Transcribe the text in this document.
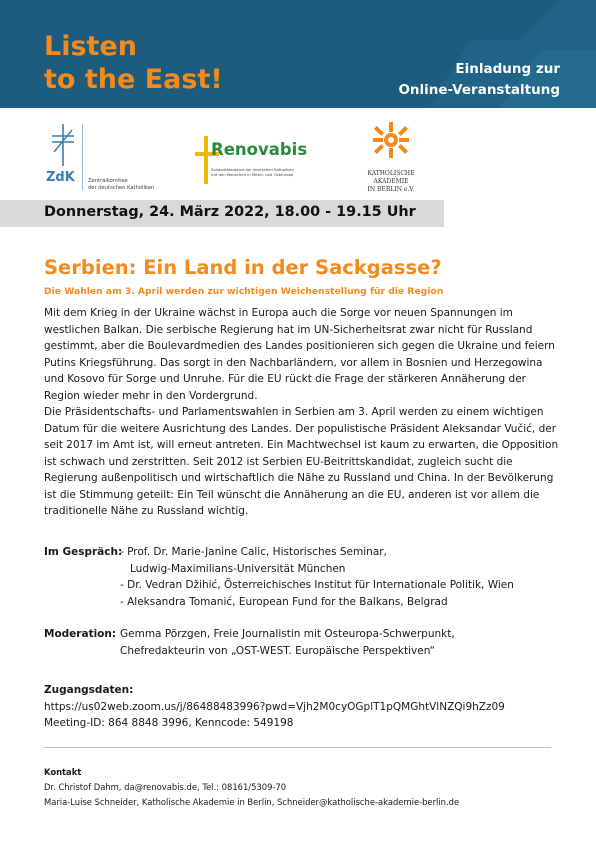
Listen
to the East!	Einladung zur
Online-Veranstaltung
ZdK	Zentralkomitee
der deutschen Katholiken
Renovabis
Solidaritätsaktion der deutschen Katholiken
mit den Menschen in Mittel- und Osteuropa	KATHOLISCHE AKADEMIE
IN BERLIN e.V.
Donnerstag, 24. März 2022, 18.00 - 19.15 Uhr
Serbien: Ein Land in der Sackgasse?
Die Wahlen am 3. April werden zur wichtigen Weichenstellung für die Region
Mit dem Krieg in der Ukraine wächst in Europa auch die Sorge vor neuen Spannungen im westlichen Balkan. Die serbische Regierung hat im UN-Sicherheitsrat zwar nicht für Russland gestimmt, aber die Boulevardmedien des Landes positionieren sich gegen die Ukraine und feiern Putins Kriegsführung. Das sorgt in den Nachbarländern, vor allem in Bosnien und Herzegowina und Kosovo für Sorge und Unruhe. Für die EU rückt die Frage der stärkeren Annäherung der Region wieder mehr in den Vordergrund.
Die Präsidentschafts- und Parlamentswahlen in Serbien am 3. April werden zu einem wichtigen Datum für die weitere Ausrichtung des Landes. Der populistische Präsident Aleksandar Vučić, der seit 2017 im Amt ist, will erneut antreten. Ein Machtwechsel ist kaum zu erwarten, die Opposition ist schwach und zerstritten. Seit 2012 ist Serbien EU-Beitrittskandidat, zugleich sucht die Regierung außenpolitisch und wirtschaftlich die Nähe zu Russland und China. In der Bevölkerung ist die Stimmung geteilt: Ein Teil wünscht die Annäherung an die EU, anderen ist vor allem die traditionelle Nähe zu Russland wichtig.
Im Gespräch:
- Prof. Dr. Marie-Janine Calic, Historisches Seminar,
Ludwig-Maximilians-Universität München
- Dr. Vedran Džihić, Österreichisches Institut für Internationale Politik, Wien
- Aleksandra Tomanić, European Fund for the Balkans, Belgrad
Moderation: Gemma Pörzgen, Freie Journalistin mit Osteuropa-Schwerpunkt,
Chefredakteurin von „OST-WEST. Europäische Perspektiven“
Zugangsdaten:
https://us02web.zoom.us/j/86488483996?pwd=Vjh2M0cyOGplT1pQMGhtVlNZQi9hZz09
Meeting-ID: 864 8848 3996, Kenncode: 549198
Kontakt
Dr. Christof Dahm, da@renovabis.de, Tel.: 08161/5309-70
Maria-Luise Schneider, Katholische Akademie in Berlin, Schneider@katholische-akademie-berlin.de
